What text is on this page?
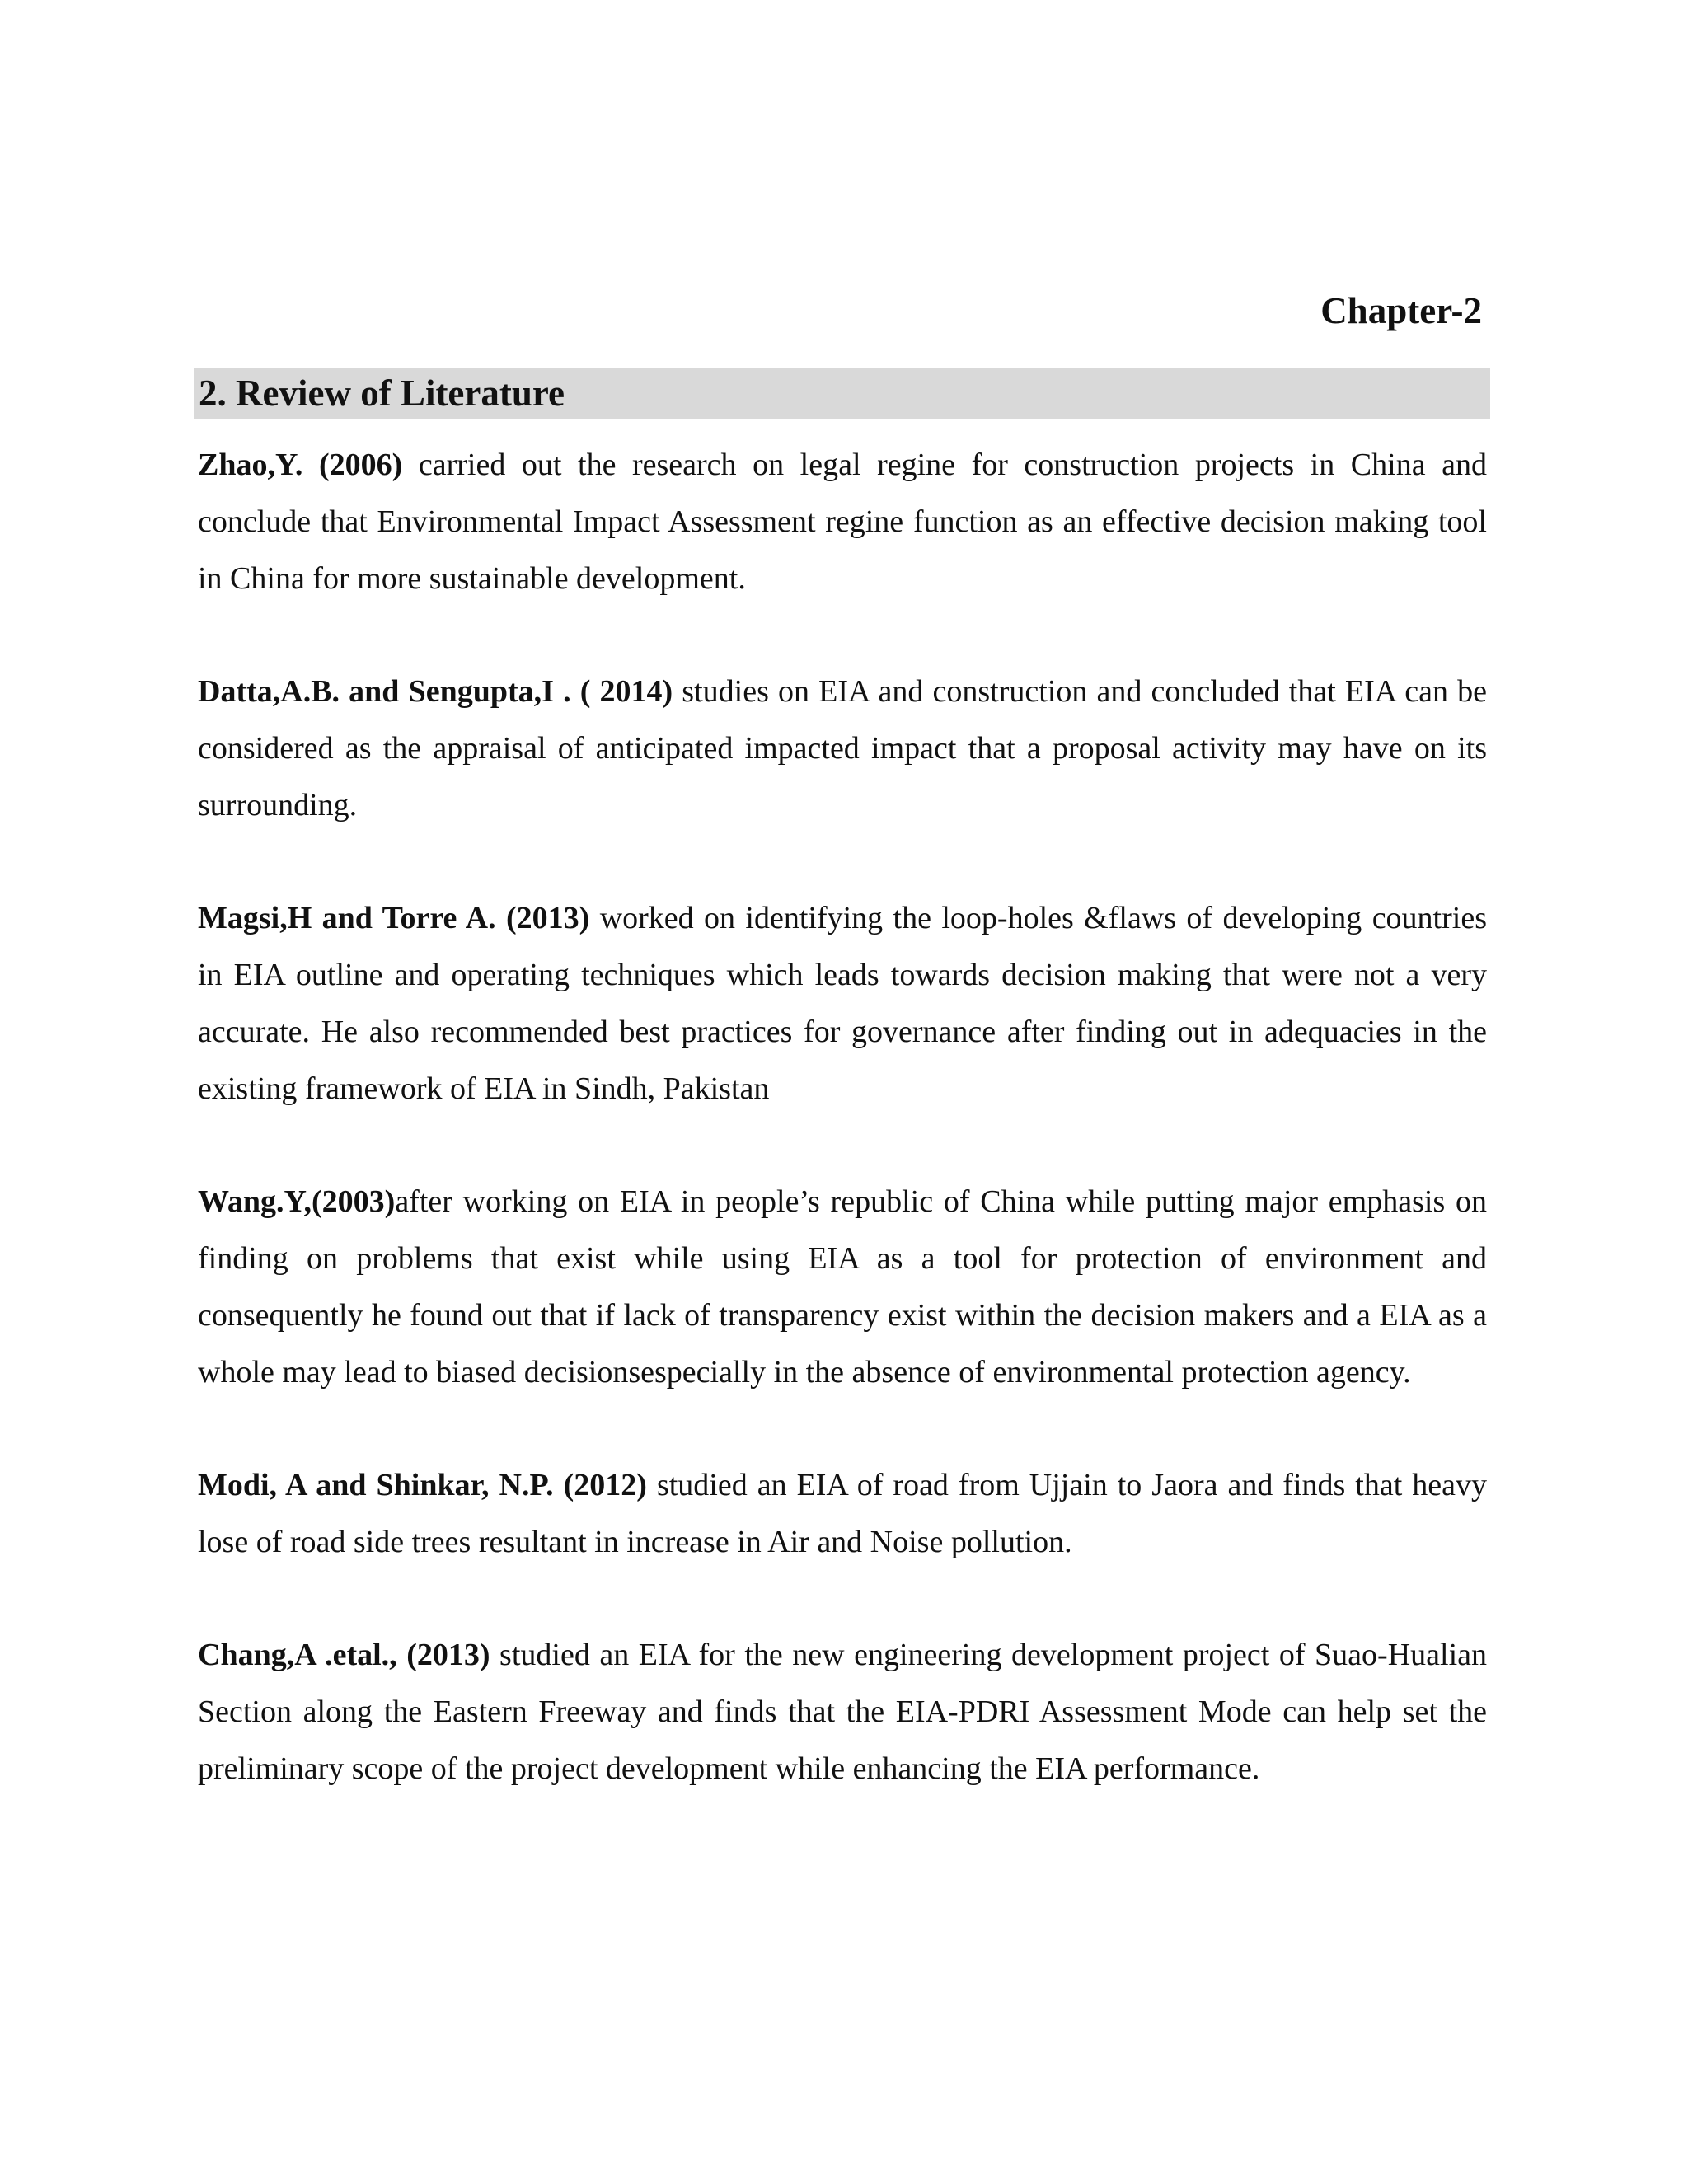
Chapter-2
2. Review of Literature

Zhao,Y. (2006) carried out the research on legal regine for construction projects in China and conclude that Environmental Impact Assessment regine function as an effective decision making tool in China for more sustainable development.

Datta,A.B. and Sengupta,I . ( 2014) studies on EIA and construction and concluded that EIA can be considered as the appraisal of anticipated impacted impact that a proposal activity may have on its surrounding.

Magsi,H and Torre A. (2013) worked on identifying the loop-holes &flaws of developing countries in EIA outline and operating techniques which leads towards decision making that were not a very accurate. He also recommended best practices for governance after finding out in adequacies in the existing framework of EIA in Sindh, Pakistan

Wang.Y,(2003)after working on EIA in people’s republic of China while putting major emphasis on finding on problems that exist while using EIA as a tool for protection of environment and consequently he found out that if lack of transparency exist within the decision makers and a EIA as a whole may lead to biased decisionsespecially in the absence of environmental protection agency.

Modi, A and Shinkar, N.P. (2012) studied an EIA of road from Ujjain to Jaora and finds that heavy lose of road side trees resultant in increase in Air and Noise pollution.

Chang,A .etal., (2013) studied an EIA for the new engineering development project of Suao-Hualian Section along the Eastern Freeway and finds that the EIA-PDRI Assessment Mode can help set the preliminary scope of the project development while enhancing the EIA performance.
